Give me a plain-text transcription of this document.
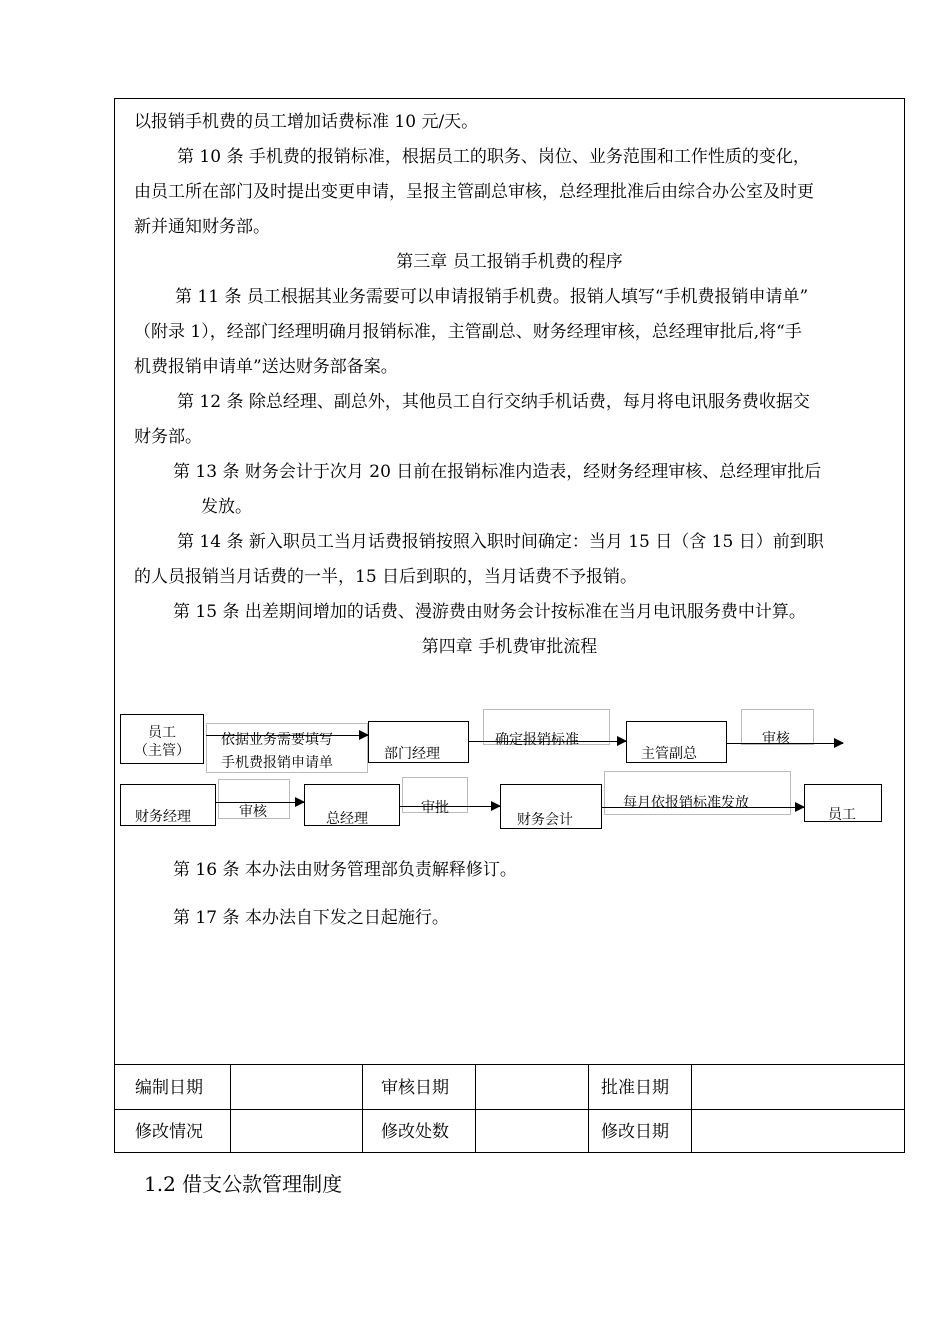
以报销手机费的员工增加话费标准 10 元/天。
第 10 条 手机费的报销标准，根据员工的职务、岗位、业务范围和工作性质的变化，
由员工所在部门及时提出变更申请，呈报主管副总审核，总经理批准后由综合办公室及时更
新并通知财务部。
第三章 员工报销手机费的程序
第 11 条 员工根据其业务需要可以申请报销手机费。报销人填写“手机费报销申请单”
（附录 1），经部门经理明确月报销标准，主管副总、财务经理审核，总经理审批后,将“手
机费报销申请单”送达财务部备案。
第 12 条 除总经理、副总外，其他员工自行交纳手机话费，每月将电讯服务费收据交
财务部。
第 13 条 财务会计于次月 20 日前在报销标准内造表，经财务经理审核、总经理审批后
发放。
第 14 条 新入职员工当月话费报销按照入职时间确定：当月 15 日（含 15 日）前到职
的人员报销当月话费的一半，15 日后到职的，当月话费不予报销。
第 15 条 出差期间增加的话费、漫游费由财务会计按标准在当月电讯服务费中计算。
第四章 手机费审批流程
员工
（主管）
依据业务需要填写
手机费报销申请单
部门经理
确定报销标准
主管副总
审核
财务经理	审核	总经理
审批
财务会计
每月依报销标准发放
员工
第 16 条 本办法由财务管理部负责解释修订。
第 17 条 本办法自下发之日起施行。
编制日期	审核日期	批准日期
修改情况	修改处数	修改日期
1.2 借支公款管理制度
